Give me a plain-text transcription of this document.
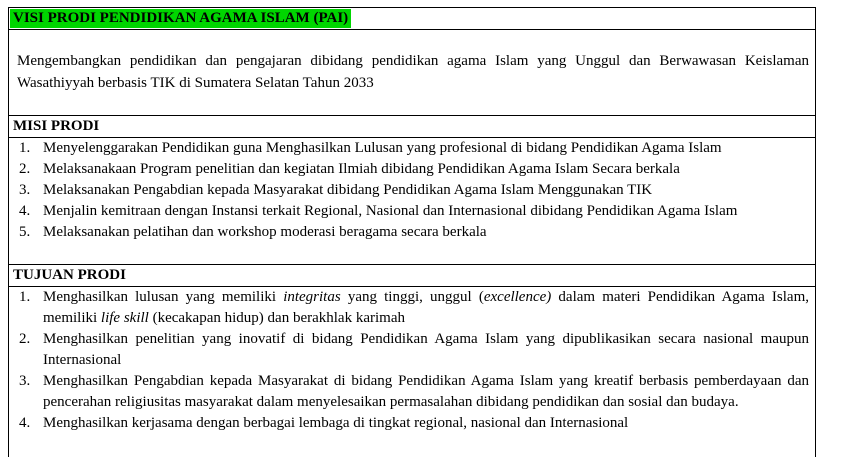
VISI PRODI PENDIDIKAN AGAMA ISLAM (PAI)
Mengembangkan pendidikan dan pengajaran dibidang pendidikan agama Islam yang Unggul dan Berwawasan Keislaman Wasathiyyah berbasis TIK di Sumatera Selatan Tahun 2033
MISI PRODI
1. Menyelenggarakan Pendidikan guna Menghasilkan Lulusan yang profesional di bidang Pendidikan Agama Islam
2. Melaksanakaan Program penelitian dan kegiatan Ilmiah dibidang Pendidikan Agama Islam Secara berkala
3. Melaksanakan Pengabdian kepada Masyarakat dibidang Pendidikan Agama Islam Menggunakan TIK
4. Menjalin kemitraan dengan Instansi terkait Regional, Nasional dan Internasional dibidang Pendidikan Agama Islam
5. Melaksanakan pelatihan dan workshop moderasi beragama secara berkala
TUJUAN PRODI
1. Menghasilkan lulusan yang memiliki integritas yang tinggi, unggul (excellence) dalam materi Pendidikan Agama Islam, memiliki life skill (kecakapan hidup) dan berakhlak karimah
2. Menghasilkan penelitian yang inovatif di bidang Pendidikan Agama Islam yang dipublikasikan secara nasional maupun Internasional
3. Menghasilkan Pengabdian kepada Masyarakat di bidang Pendidikan Agama Islam yang kreatif berbasis pemberdayaan dan pencerahan religiusitas masyarakat dalam menyelesaikan permasalahan dibidang pendidikan dan sosial dan budaya.
4. Menghasilkan kerjasama dengan berbagai lembaga di tingkat regional, nasional dan Internasional
